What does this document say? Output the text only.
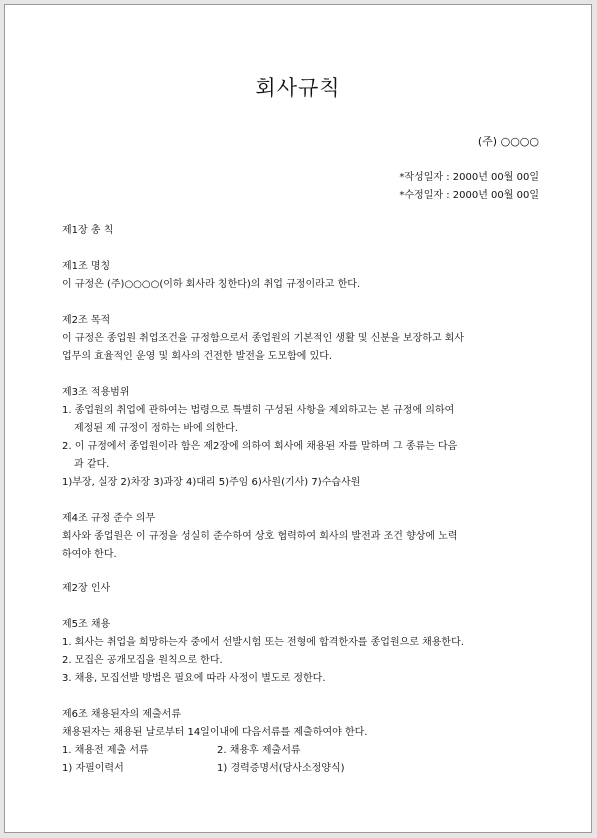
회사규칙
(주) ○○○○
*작성일자 : 2000년 00월 00일
*수정일자 : 2000년 00월 00일
제1장 총 칙
제1조 명칭
이 규정은 (주)○○○○(이하 회사라 칭한다)의 취업 규정이라고 한다.
제2조 목적
이 규정은 종업원 취업조건을 규정함으로서 종업원의 기본적인 생활 및 신분을 보장하고 회사
업무의 효율적인 운영 및 회사의 건전한 발전을 도모함에 있다.
제3조 적용범위
1. 종업원의 취업에 관하여는 법령으로 특별히 구성된 사항을 제외하고는 본 규정에 의하여
제정된 제 규정이 정하는 바에 의한다.
2. 이 규정에서 종업원이라 함은 제2장에 의하여 회사에 채용된 자를 말하며 그 종류는 다음
과 같다.
1)부장, 실장 2)차장 3)과장 4)대리 5)주임 6)사원(기사) 7)수습사원
제4조 규정 준수 의무
회사와 종업원은 이 규정을 성실히 준수하여 상호 협력하여 회사의 발전과 조건 향상에 노력
하여야 한다.
제2장 인사
제5조 채용
1. 회사는 취업을 희망하는자 중에서 선발시험 또는 전형에 합격한자를 종업원으로 채용한다.
2. 모집은 공개모집을 원칙으로 한다.
3. 채용, 모집선발 방법은 필요에 따라 사정이 별도로 정한다.
제6조 채용된자의 제출서류
채용된자는 채용된 날로부터 14일이내에 다음서류를 제출하여야 한다.
1. 채용전 제출 서류	2. 채용후 제출서류
1) 자필이력서	1) 경력증명서(당사소정양식)
